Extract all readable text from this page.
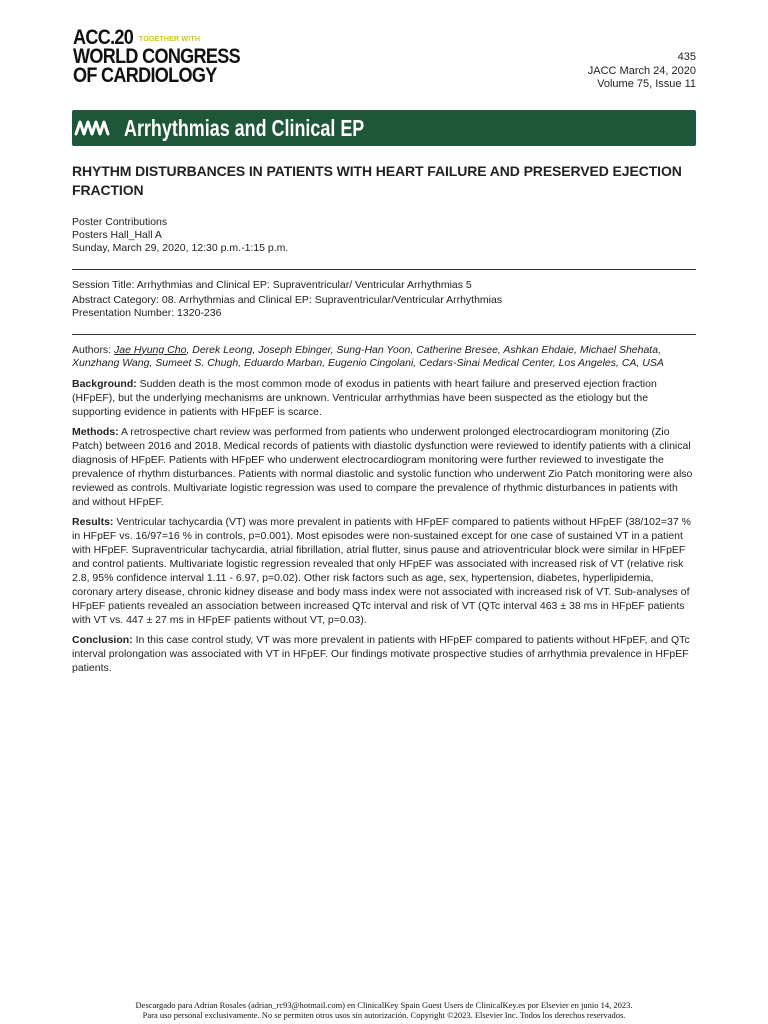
ACC.20 TOGETHER WITH
WORLD CONGRESS
OF CARDIOLOGY
435
JACC March 24, 2020
Volume 75, Issue 11
Arrhythmias and Clinical EP
RHYTHM DISTURBANCES IN PATIENTS WITH HEART FAILURE AND PRESERVED EJECTION FRACTION
Poster Contributions
Posters Hall_Hall A
Sunday, March 29, 2020, 12:30 p.m.-1:15 p.m.
Session Title: Arrhythmias and Clinical EP: Supraventricular/ Ventricular Arrhythmias 5
Abstract Category: 08. Arrhythmias and Clinical EP: Supraventricular/Ventricular Arrhythmias
Presentation Number: 1320-236
Authors: Jae Hyung Cho, Derek Leong, Joseph Ebinger, Sung-Han Yoon, Catherine Bresee, Ashkan Ehdaie, Michael Shehata, Xunzhang Wang, Sumeet S. Chugh, Eduardo Marban, Eugenio Cingolani, Cedars-Sinai Medical Center, Los Angeles, CA, USA

Background: Sudden death is the most common mode of exodus in patients with heart failure and preserved ejection fraction (HFpEF), but the underlying mechanisms are unknown. Ventricular arrhythmias have been suspected as the etiology but the supporting evidence in patients with HFpEF is scarce.

Methods: A retrospective chart review was performed from patients who underwent prolonged electrocardiogram monitoring (Zio Patch) between 2016 and 2018. Medical records of patients with diastolic dysfunction were reviewed to identify patients with a clinical diagnosis of HFpEF. Patients with HFpEF who underwent electrocardiogram monitoring were further reviewed to investigate the prevalence of rhythm disturbances. Patients with normal diastolic and systolic function who underwent Zio Patch monitoring were also reviewed as controls. Multivariate logistic regression was used to compare the prevalence of rhythmic disturbances in patients with and without HFpEF.

Results: Ventricular tachycardia (VT) was more prevalent in patients with HFpEF compared to patients without HFpEF (38/102=37 % in HFpEF vs. 16/97=16 % in controls, p=0.001). Most episodes were non-sustained except for one case of sustained VT in a patient with HFpEF. Supraventricular tachycardia, atrial fibrillation, atrial flutter, sinus pause and atrioventricular block were similar in HFpEF and control patients. Multivariate logistic regression revealed that only HFpEF was associated with increased risk of VT (relative risk 2.8, 95% confidence interval 1.11 - 6.97, p=0.02). Other risk factors such as age, sex, hypertension, diabetes, hyperlipidemia, coronary artery disease, chronic kidney disease and body mass index were not associated with increased risk of VT. Sub-analyses of HFpEF patients revealed an association between increased QTc interval and risk of VT (QTc interval 463 ± 38 ms in HFpEF patients with VT vs. 447 ± 27 ms in HFpEF patients without VT, p=0.03).

Conclusion: In this case control study, VT was more prevalent in patients with HFpEF compared to patients without HFpEF, and QTc interval prolongation was associated with VT in HFpEF. Our findings motivate prospective studies of arrhythmia prevalence in HFpEF patients.

Descargado para Adrian Rosales (adrian_rc93@hotmail.com) en ClinicalKey Spain Guest Users de ClinicalKey.es por Elsevier en junio 14, 2023.
Para uso personal exclusivamente. No se permiten otros usos sin autorización. Copyright ©2023. Elsevier Inc. Todos los derechos reservados.
